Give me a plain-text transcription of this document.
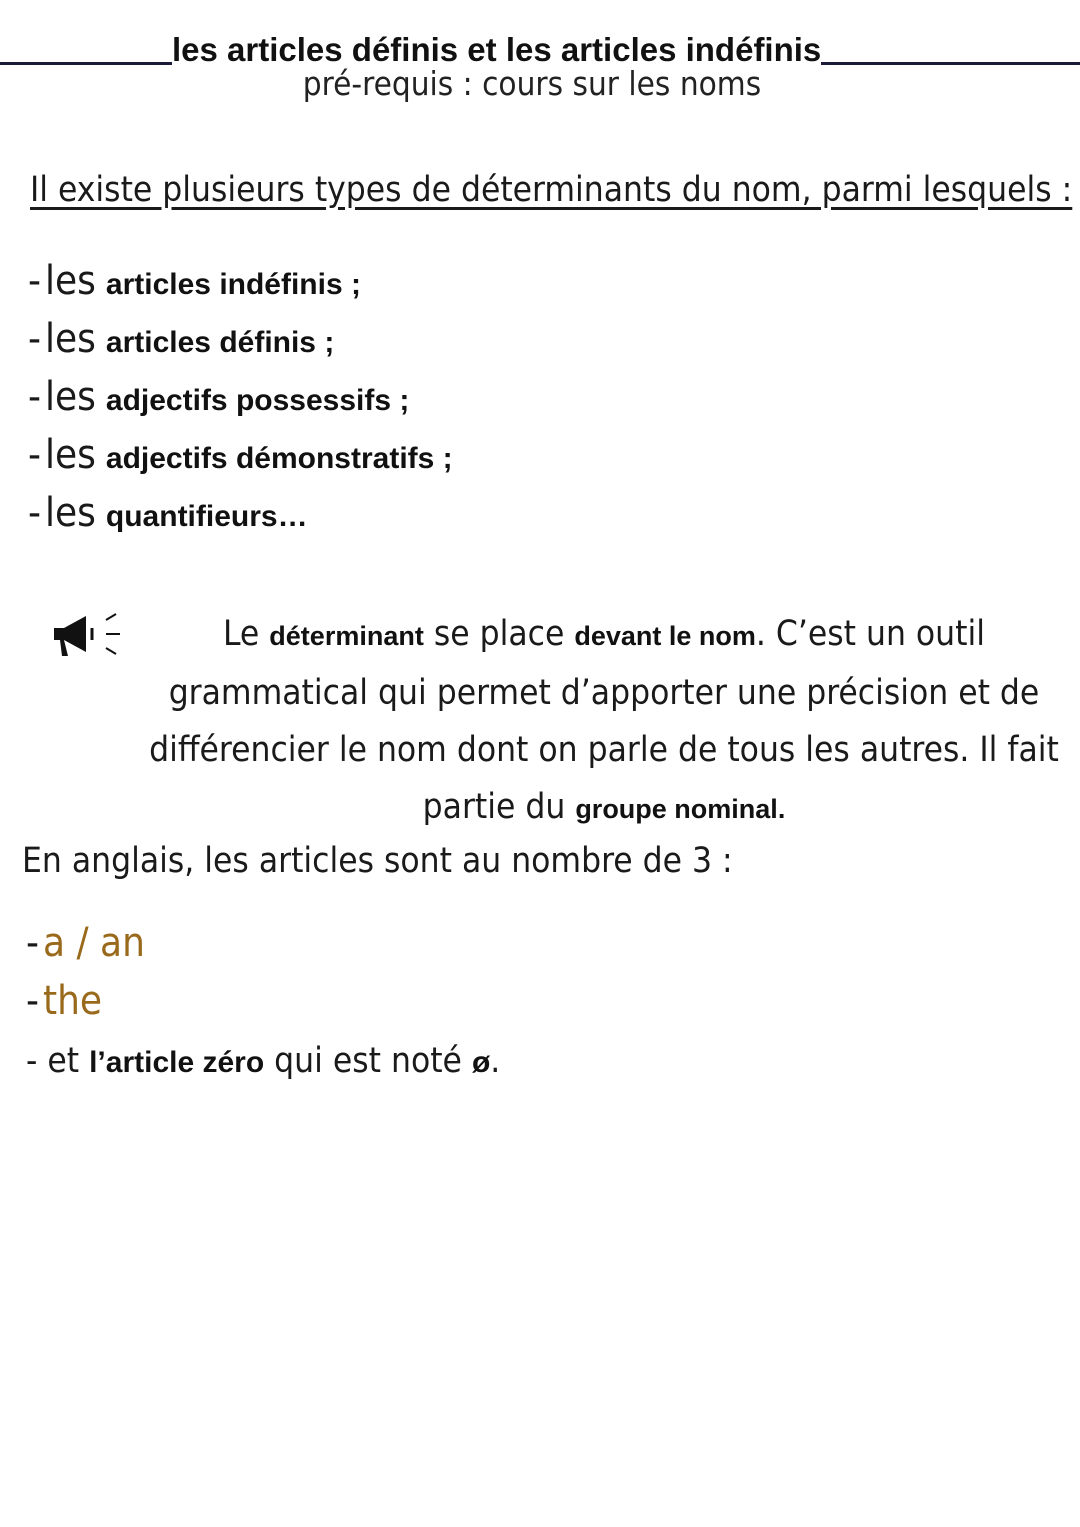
les articles définis et les articles indéfinis
pré-requis : cours sur les noms
Il existe plusieurs types de déterminants du nom, parmi lesquels :
- les articles indéfinis ;
- les articles définis ;
- les adjectifs possessifs ;
- les adjectifs démonstratifs ;
- les quantifieurs…
Le déterminant se place devant le nom. C’est un outil grammatical qui permet d’apporter une précision et de différencier le nom dont on parle de tous les autres. Il fait partie du groupe nominal.
En anglais, les articles sont au nombre de 3 :
- a / an
- the
- et l’article zéro qui est noté ø.
